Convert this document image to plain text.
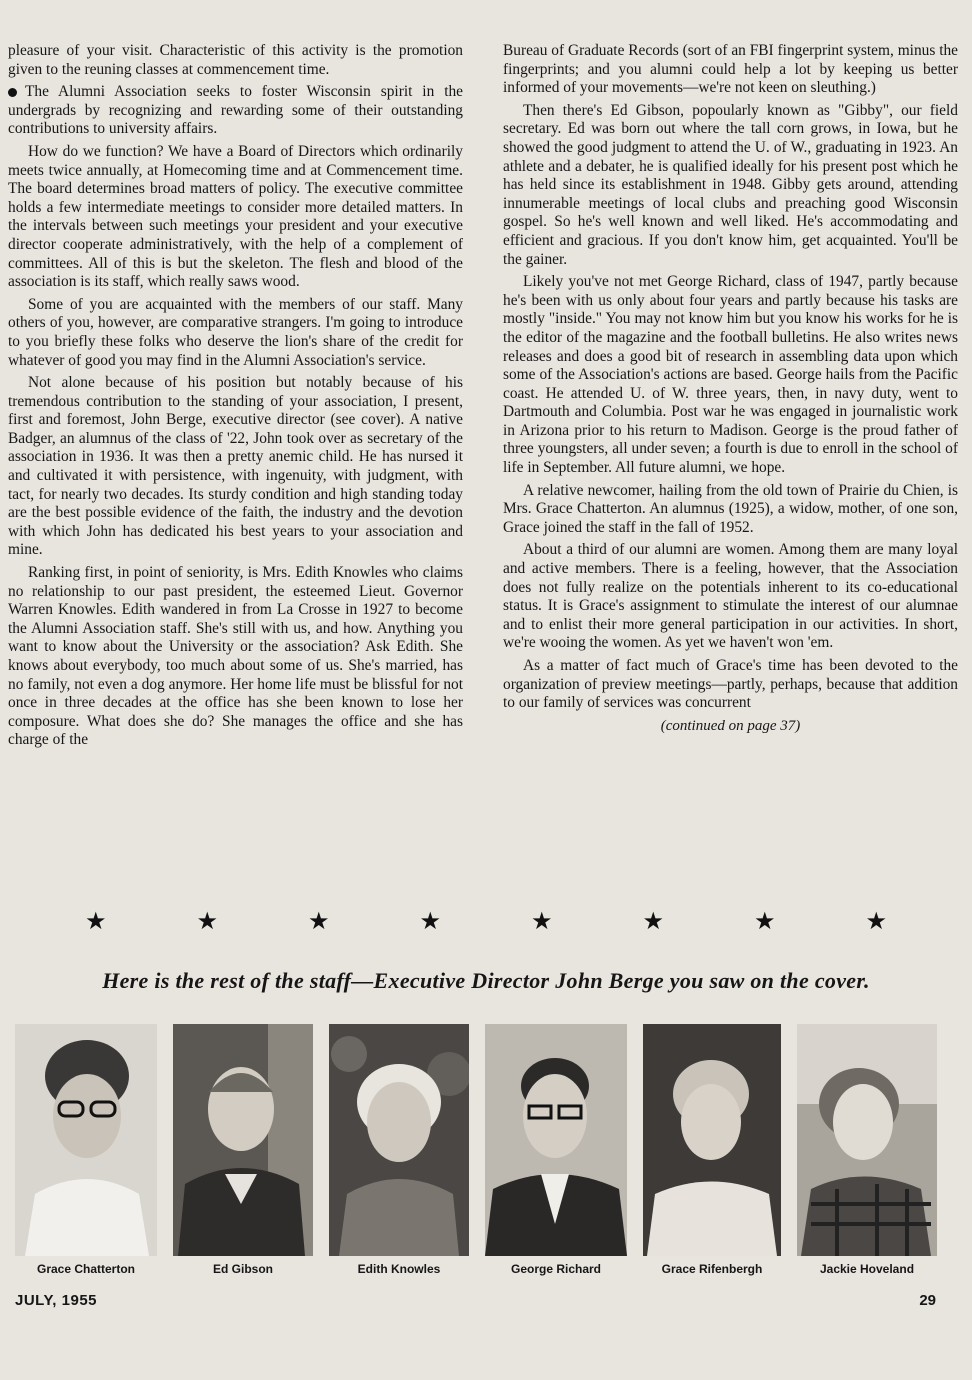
pleasure of your visit. Characteristic of this activity is the promotion given to the reuning classes at commencement time.

The Alumni Association seeks to foster Wisconsin spirit in the undergrads by recognizing and rewarding some of their outstanding contributions to university affairs.

How do we function? We have a Board of Directors which ordinarily meets twice annually, at Homecoming time and at Commencement time. The board determines broad matters of policy. The executive committee holds a few intermediate meetings to consider more detailed matters. In the intervals between such meetings your president and your executive director cooperate administratively, with the help of a complement of committees. All of this is but the skeleton. The flesh and blood of the association is its staff, which really saws wood.

Some of you are acquainted with the members of our staff. Many others of you, however, are comparative strangers. I'm going to introduce to you briefly these folks who deserve the lion's share of the credit for whatever of good you may find in the Alumni Association's service.

Not alone because of his position but notably because of his tremendous contribution to the standing of your association, I present, first and foremost, John Berge, executive director (see cover). A native Badger, an alumnus of the class of '22, John took over as secretary of the association in 1936. It was then a pretty anemic child. He has nursed it and cultivated it with persistence, with ingenuity, with judgment, with tact, for nearly two decades. Its sturdy condition and high standing today are the best possible evidence of the faith, the industry and the devotion with which John has dedicated his best years to your association and mine.

Ranking first, in point of seniority, is Mrs. Edith Knowles who claims no relationship to our past president, the esteemed Lieut. Governor Warren Knowles. Edith wandered in from La Crosse in 1927 to become the Alumni Association staff. She's still with us, and how. Anything you want to know about the University or the association? Ask Edith. She knows about everybody, too much about some of us. She's married, has no family, not even a dog anymore. Her home life must be blissful for not once in three decades at the office has she been known to lose her composure. What does she do? She manages the office and she has charge of the

Bureau of Graduate Records (sort of an FBI fingerprint system, minus the fingerprints; and you alumni could help a lot by keeping us better informed of your movements—we're not keen on sleuthing.)

Then there's Ed Gibson, popoularly known as "Gibby", our field secretary. Ed was born out where the tall corn grows, in Iowa, but he showed the good judgment to attend the U. of W., graduating in 1923. An athlete and a debater, he is qualified ideally for his present post which he has held since its establishment in 1948. Gibby gets around, attending innumerable meetings of local clubs and preaching good Wisconsin gospel. So he's well known and well liked. He's accommodating and efficient and gracious. If you don't know him, get acquainted. You'll be the gainer.

Likely you've not met George Richard, class of 1947, partly because he's been with us only about four years and partly because his tasks are mostly "inside." You may not know him but you know his works for he is the editor of the magazine and the football bulletins. He also writes news releases and does a good bit of research in assembling data upon which some of the Association's actions are based. George hails from the Pacific coast. He attended U. of W. three years, then, in navy duty, went to Dartmouth and Columbia. Post war he was engaged in journalistic work in Arizona prior to his return to Madison. George is the proud father of three youngsters, all under seven; a fourth is due to enroll in the school of life in September. All future alumni, we hope.

A relative newcomer, hailing from the old town of Prairie du Chien, is Mrs. Grace Chatterton. An alumnus (1925), a widow, mother, of one son, Grace joined the staff in the fall of 1952.

About a third of our alumni are women. Among them are many loyal and active members. There is a feeling, however, that the Association does not fully realize on the potentials inherent to its co-educational status. It is Grace's assignment to stimulate the interest of our alumnae and to enlist their more general participation in our activities. In short, we're wooing the women. As yet we haven't won 'em.

As a matter of fact much of Grace's time has been devoted to the organization of preview meetings—partly, perhaps, because that addition to our family of services was concurrent

(continued on page 37)
★	★	★	★	★	★	★	★
Here is the rest of the staff—Executive Director John Berge you saw on the cover.
Grace Chatterton	Ed Gibson	Edith Knowles	George Richard	Grace Rifenbergh	Jackie Hoveland
JULY, 1955	29
